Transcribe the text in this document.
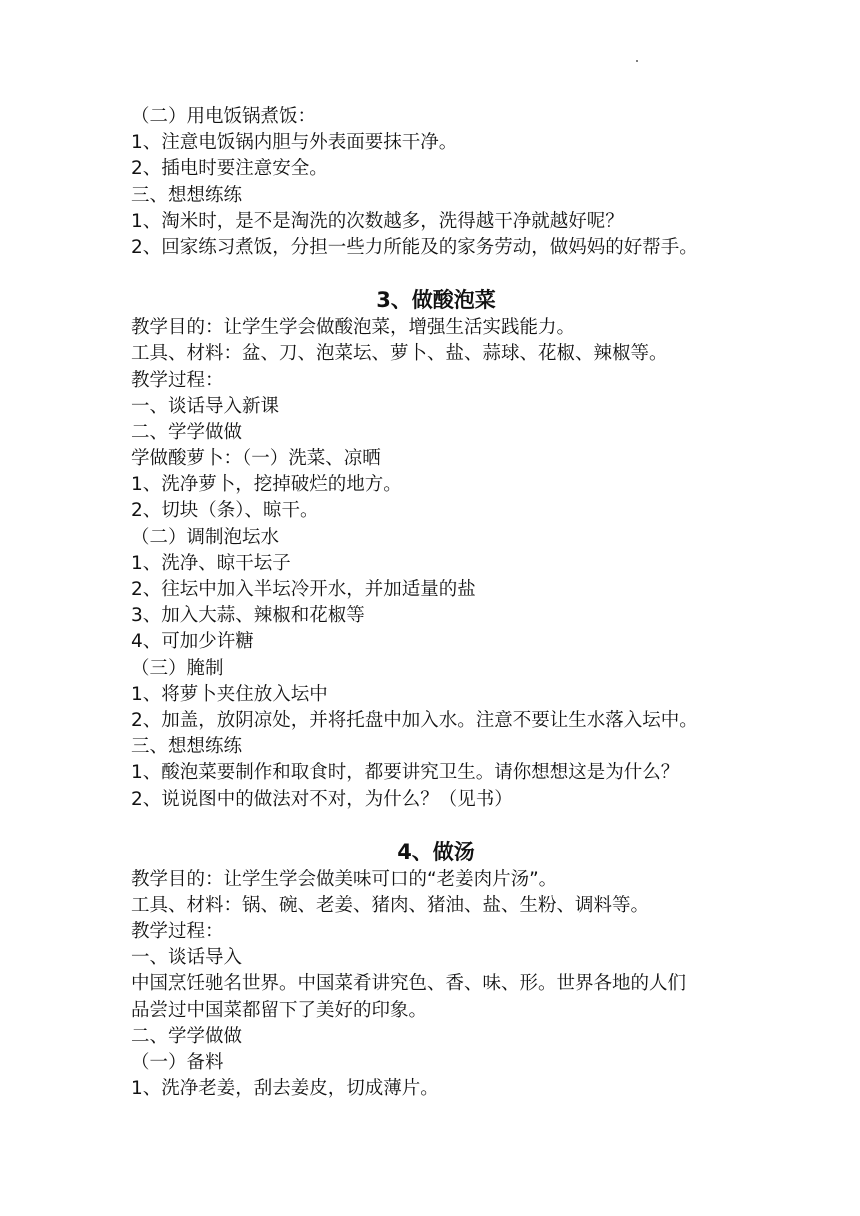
（二）用电饭锅煮饭：
1、注意电饭锅内胆与外表面要抹干净。
2、插电时要注意安全。
三、想想练练
1、淘米时，是不是淘洗的次数越多，洗得越干净就越好呢？
2、回家练习煮饭，分担一些力所能及的家务劳动，做妈妈的好帮手。
3、做酸泡菜
教学目的：让学生学会做酸泡菜，增强生活实践能力。
工具、材料：盆、刀、泡菜坛、萝卜、盐、蒜球、花椒、辣椒等。
教学过程：
一、谈话导入新课
二、学学做做
学做酸萝卜：（一）洗菜、凉晒
1、洗净萝卜，挖掉破烂的地方。
2、切块（条）、晾干。
（二）调制泡坛水
1、洗净、晾干坛子
2、往坛中加入半坛冷开水，并加适量的盐
3、加入大蒜、辣椒和花椒等
4、可加少许糖
（三）腌制
1、将萝卜夹住放入坛中
2、加盖，放阴凉处，并将托盘中加入水。注意不要让生水落入坛中。
三、想想练练
1、酸泡菜要制作和取食时，都要讲究卫生。请你想想这是为什么？
2、说说图中的做法对不对，为什么？（见书）
4、做汤
教学目的：让学生学会做美味可口的“老姜肉片汤”。
工具、材料：锅、碗、老姜、猪肉、猪油、盐、生粉、调料等。
教学过程：
一、谈话导入
中国烹饪驰名世界。中国菜肴讲究色、香、味、形。世界各地的人们
品尝过中国菜都留下了美好的印象。
二、学学做做
（一）备料
1、洗净老姜，刮去姜皮，切成薄片。
